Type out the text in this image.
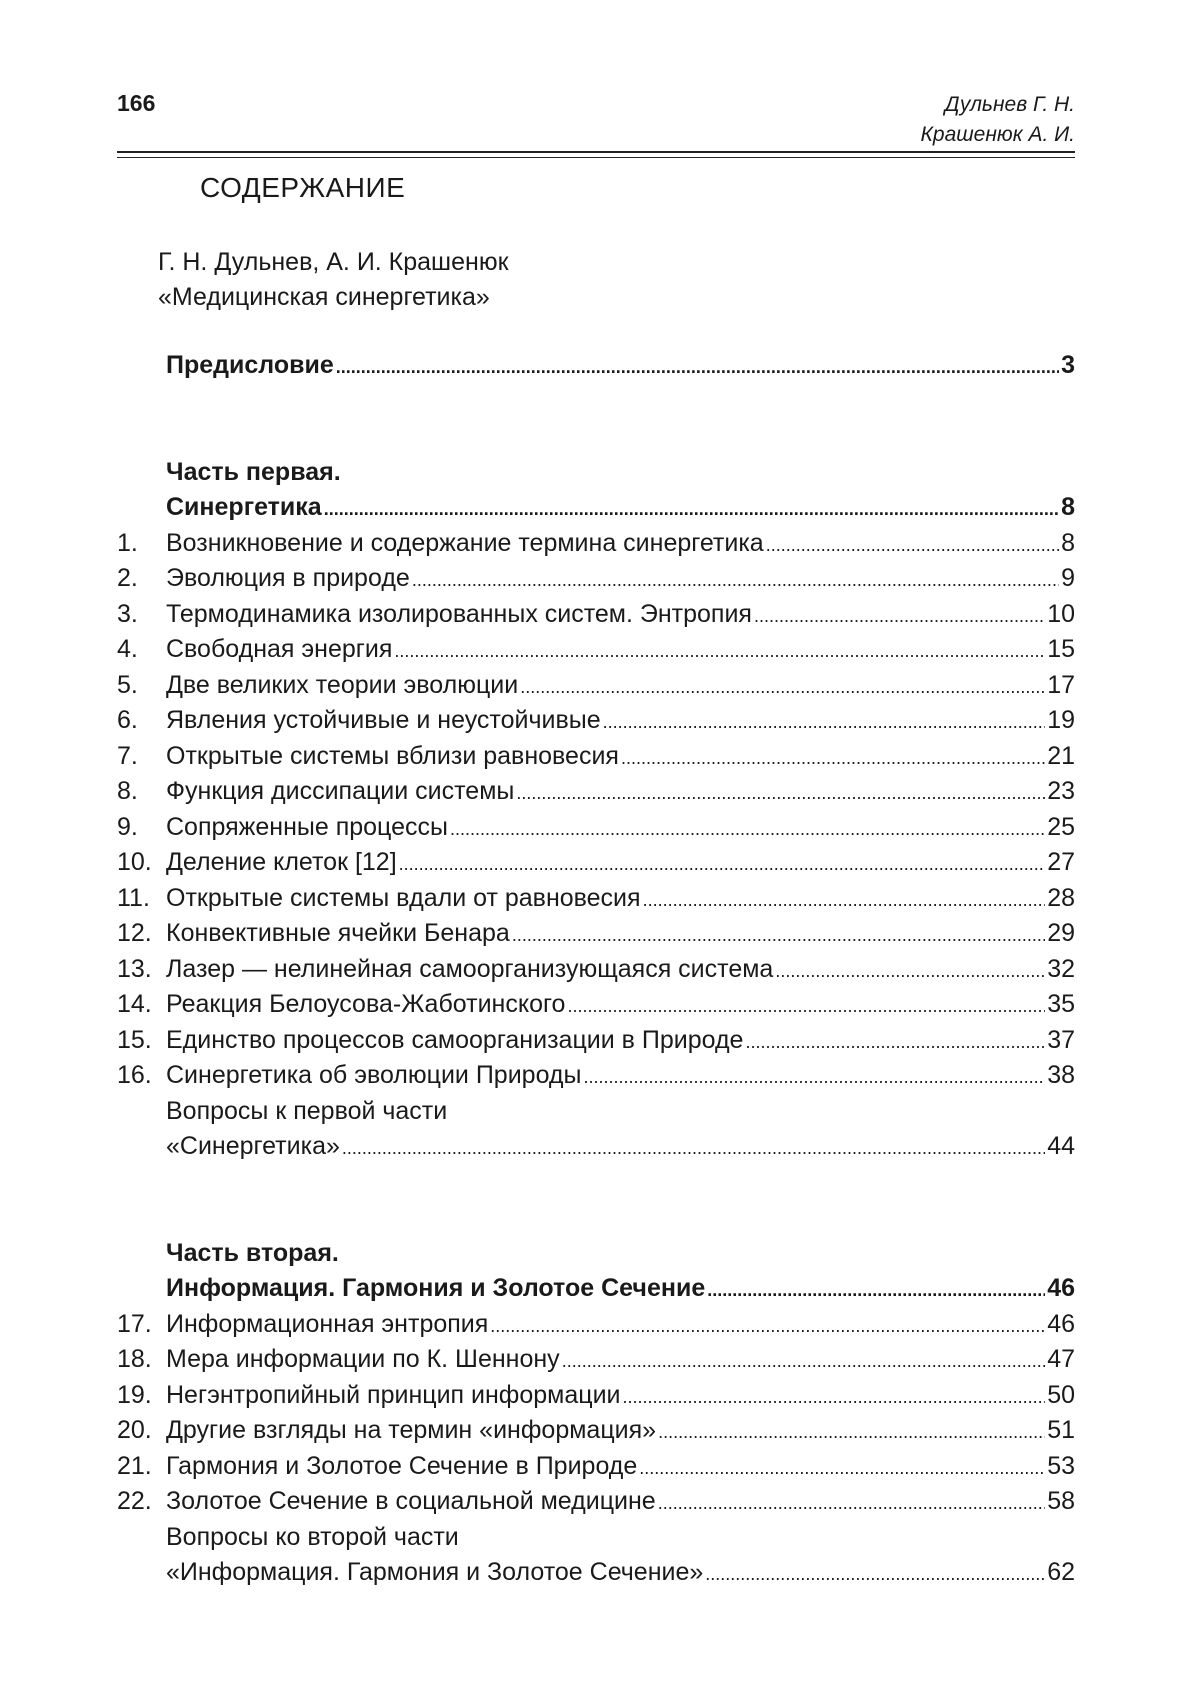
166	Дульнев Г. Н.
Крашенюк А. И.
СОДЕРЖАНИЕ
Г. Н. Дульнев, А. И. Крашенюк
«Медицинская синергетика»
Предисловие .....	3
Часть первая.
Синергетика .....	8
1.	Возникновение и содержание термина синергетика .....	8
2.	Эволюция в природе .....	9
3.	Термодинамика изолированных систем. Энтропия .....	10
4.	Свободная энергия .....	15
5.	Две великих теории эволюции .....	17
6.	Явления устойчивые и неустойчивые .....	19
7.	Открытые системы вблизи равновесия .....	21
8.	Функция диссипации системы .....	23
9.	Сопряженные процессы .....	25
10. Деление клеток [12] .....	27
11. Открытые системы вдали от равновесия .....	28
12. Конвективные ячейки Бенара .....	29
13. Лазер — нелинейная самоорганизующаяся система .....	32
14. Реакция Белоусова-Жаботинского .....	35
15. Единство процессов самоорганизации в Природе .....	37
16. Синергетика об эволюции Природы .....	38
Вопросы к первой части
«Синергетика» .....	44
Часть вторая.
Информация. Гармония и Золотое Сечение .....	46
17. Информационная энтропия .....	46
18. Мера информации по К. Шеннону .....	47
19. Негэнтропийный принцип информации .....	50
20. Другие взгляды на термин «информация» .....	51
21. Гармония и Золотое Сечение в Природе .....	53
22. Золотое Сечение в социальной медицине .....	58
Вопросы ко второй части
«Информация. Гармония и Золотое Сечение» .....	62
